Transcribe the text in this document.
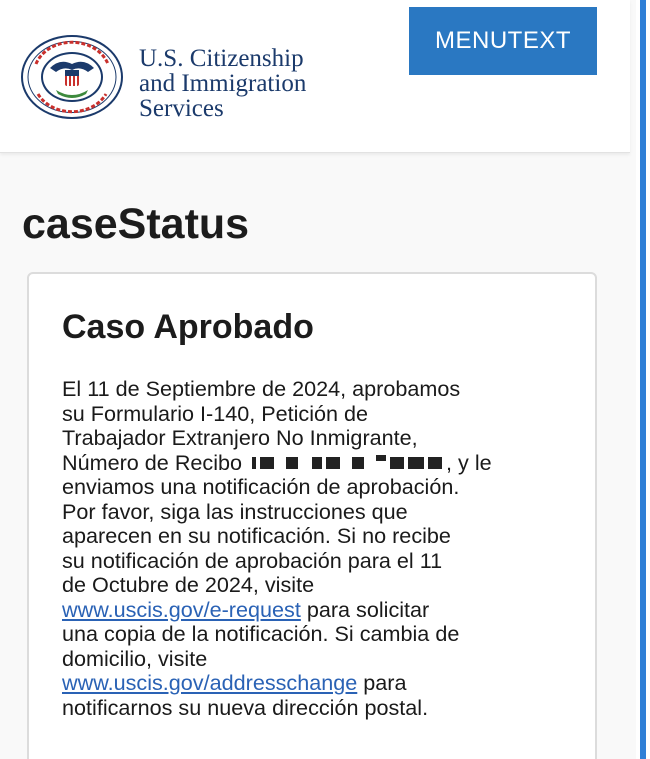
U.S. Citizenship
and Immigration
Services
MENUTEXT
caseStatus
Caso Aprobado
El 11 de Septiembre de 2024, aprobamos
su Formulario I-140, Petición de
Trabajador Extranjero No Inmigrante,
Número de Recibo	, y le
enviamos una notificación de aprobación.
Por favor, siga las instrucciones que
aparecen en su notificación. Si no recibe
su notificación de aprobación para el 11
de Octubre de 2024, visite
www.uscis.gov/e-request para solicitar
una copia de la notificación. Si cambia de
domicilio, visite
www.uscis.gov/addresschange para
notificarnos su nueva dirección postal.
